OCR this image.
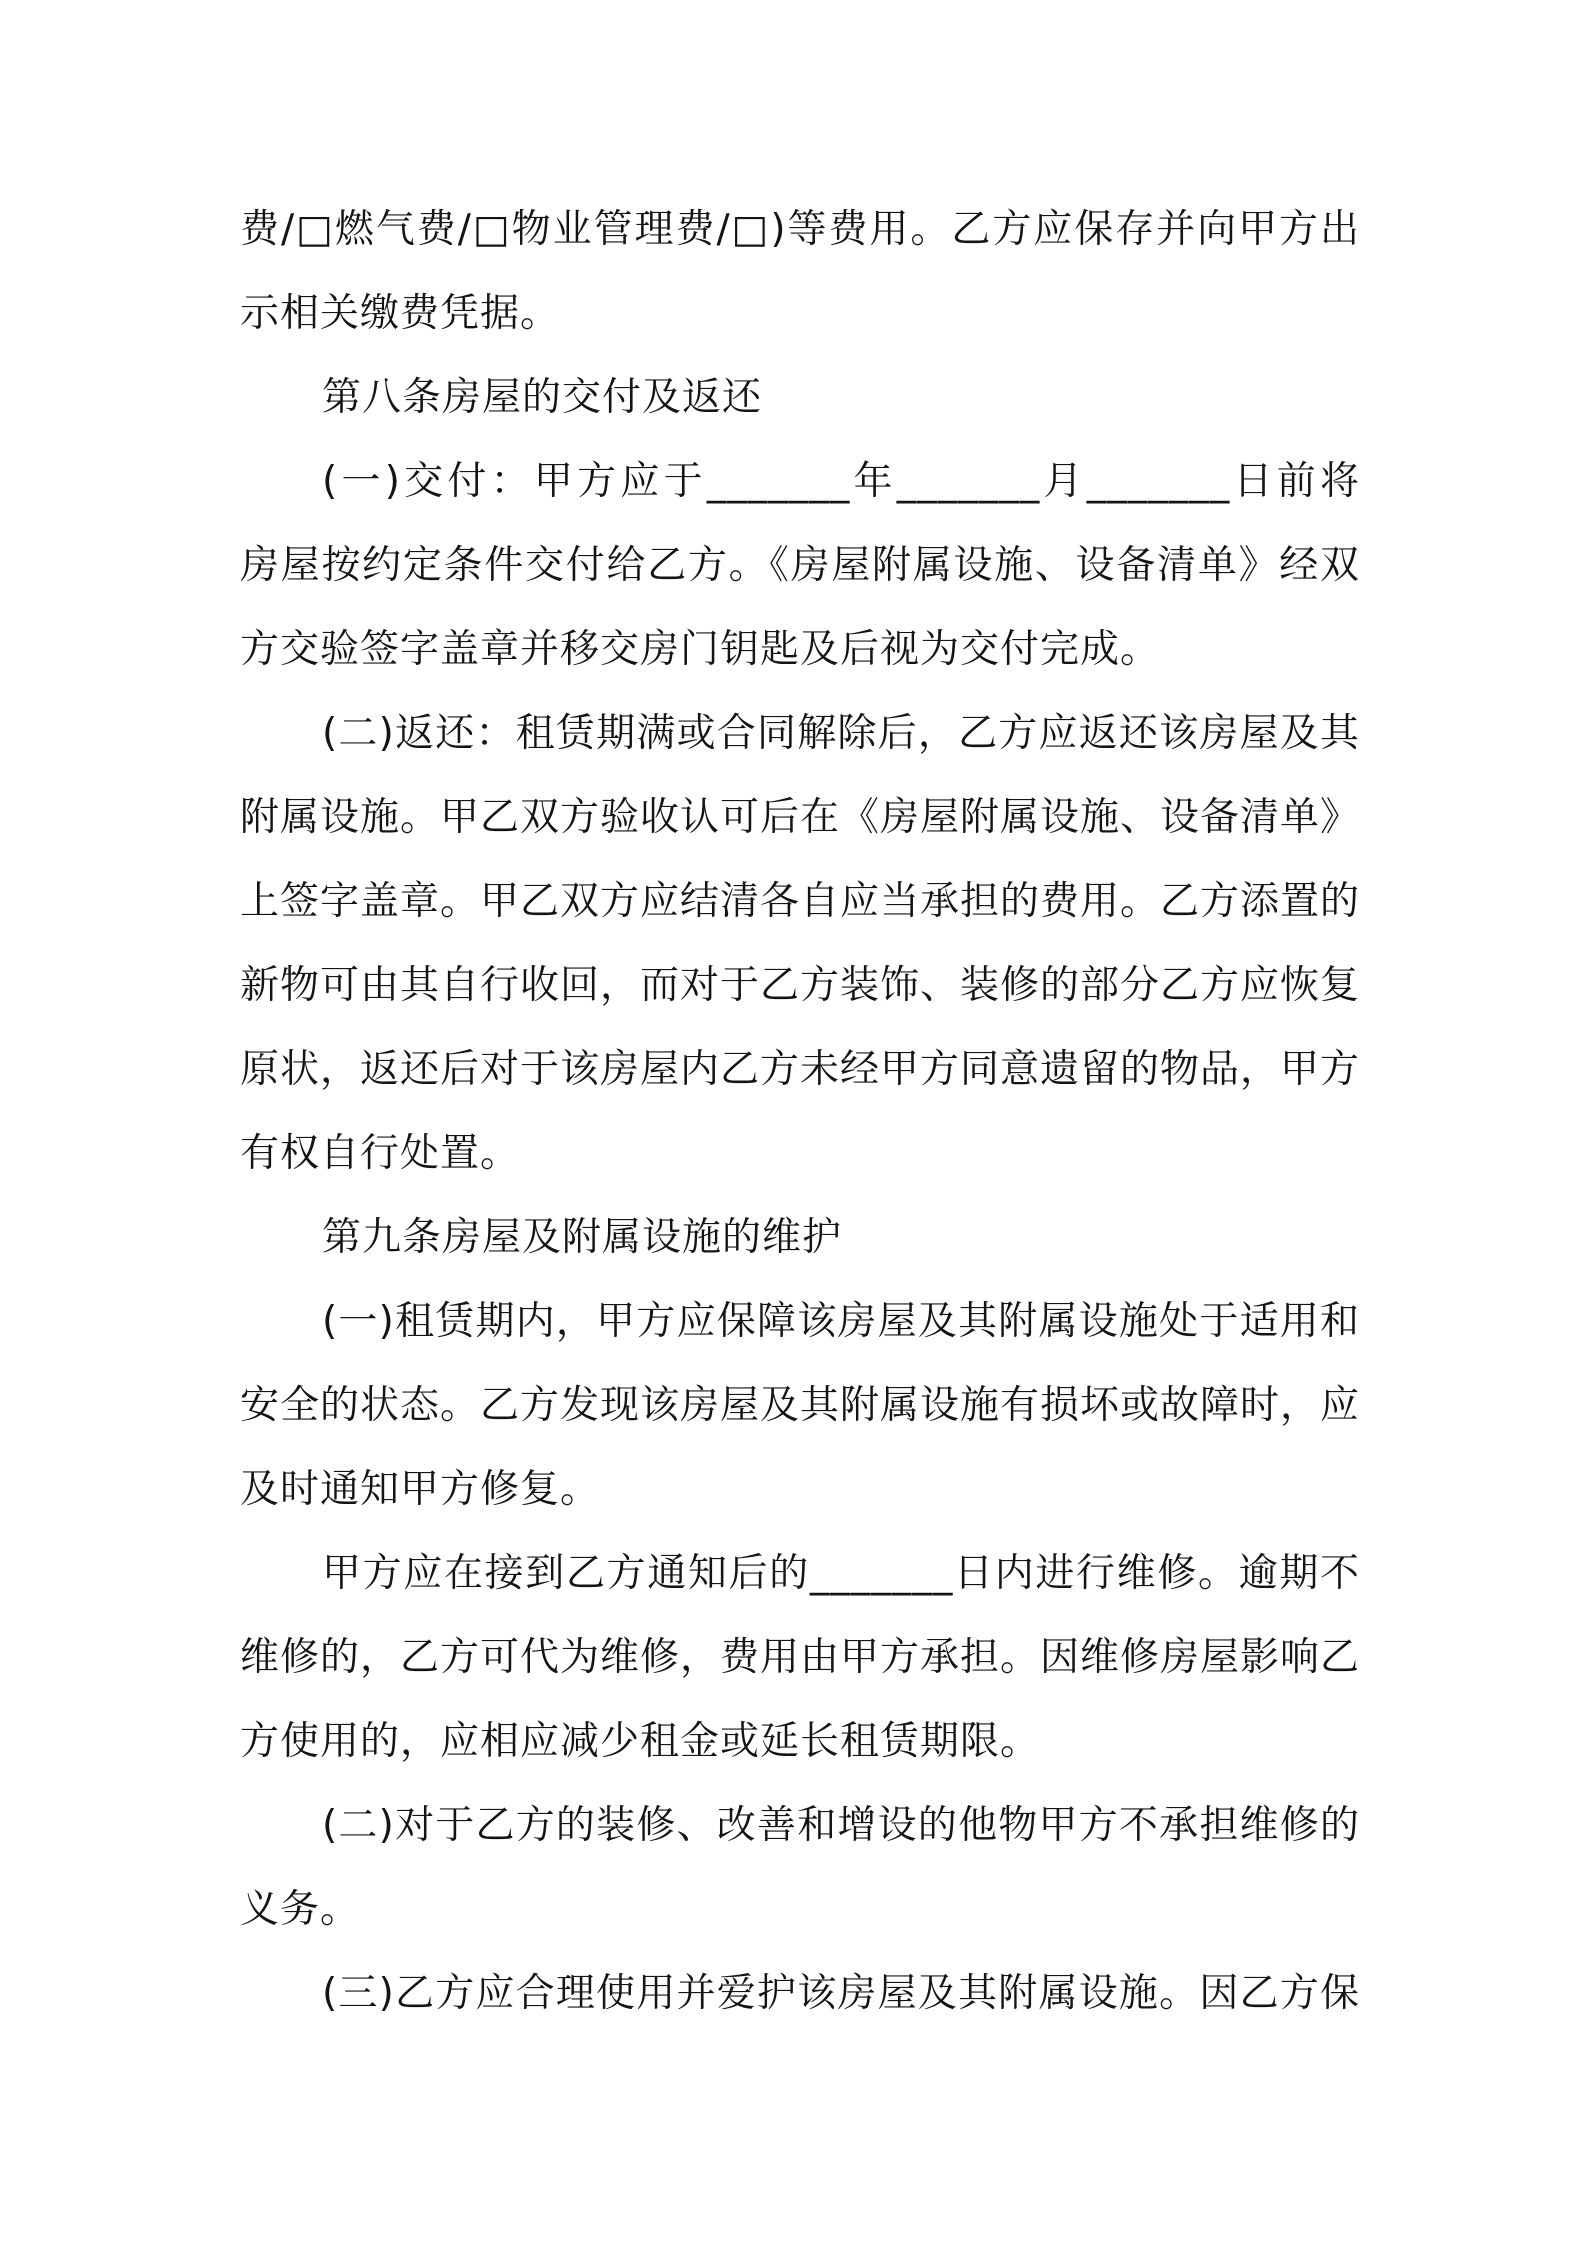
费/□燃气费/□物业管理费/□)等费用。乙方应保存并向甲方出
示相关缴费凭据。
第八条房屋的交付及返还
(一)交付：甲方应于_______年_______月_______日前将
房屋按约定条件交付给乙方。《房屋附属设施、设备清单》经双
方交验签字盖章并移交房门钥匙及后视为交付完成。
(二)返还：租赁期满或合同解除后，乙方应返还该房屋及其
附属设施。甲乙双方验收认可后在《房屋附属设施、设备清单》
上签字盖章。甲乙双方应结清各自应当承担的费用。乙方添置的
新物可由其自行收回，而对于乙方装饰、装修的部分乙方应恢复
原状，返还后对于该房屋内乙方未经甲方同意遗留的物品，甲方
有权自行处置。
第九条房屋及附属设施的维护
(一)租赁期内，甲方应保障该房屋及其附属设施处于适用和
安全的状态。乙方发现该房屋及其附属设施有损坏或故障时，应
及时通知甲方修复。
甲方应在接到乙方通知后的_______日内进行维修。逾期不
维修的，乙方可代为维修，费用由甲方承担。因维修房屋影响乙
方使用的，应相应减少租金或延长租赁期限。
(二)对于乙方的装修、改善和增设的他物甲方不承担维修的
义务。
(三)乙方应合理使用并爱护该房屋及其附属设施。因乙方保
